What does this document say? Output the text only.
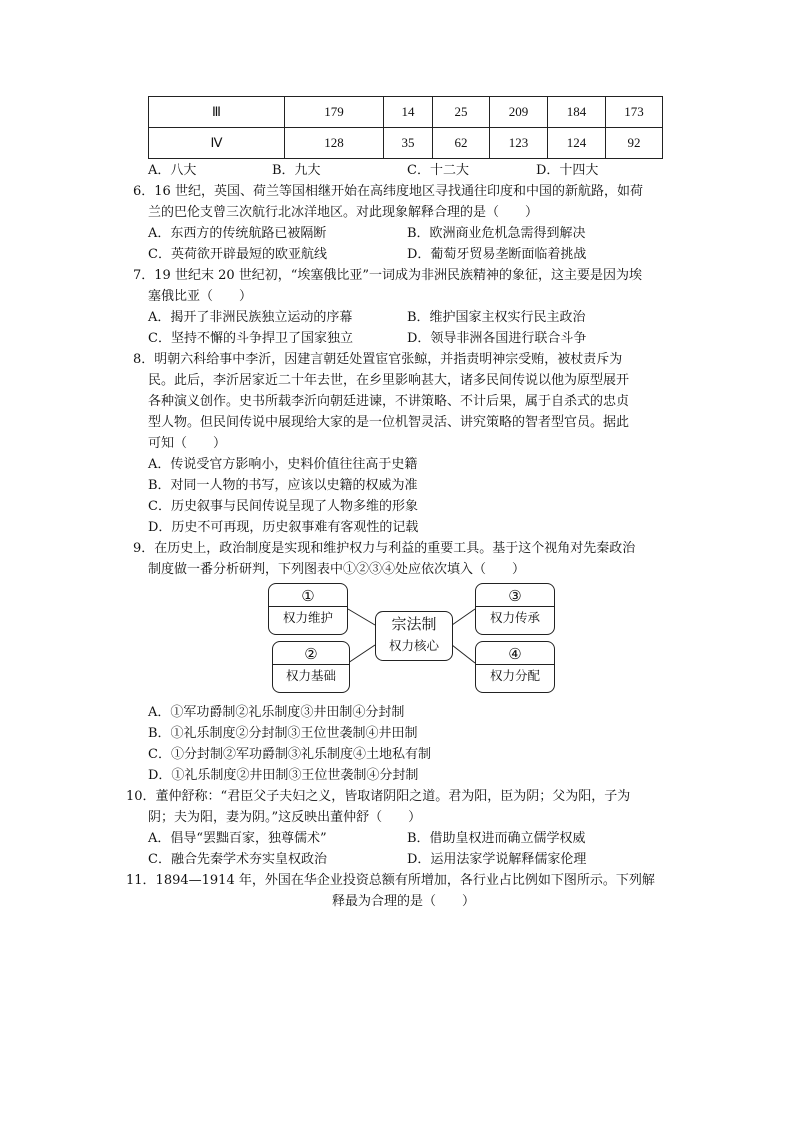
Ⅲ	179	14	25	209	184	173
Ⅳ	128	35	62	123	124	92
A．八大	B．九大	C．十二大	D．十四大
6．16 世纪，英国、荷兰等国相继开始在高纬度地区寻找通往印度和中国的新航路，如荷
兰的巴伦支曾三次航行北冰洋地区。对此现象解释合理的是（　　）
A．东西方的传统航路已被隔断	B．欧洲商业危机急需得到解决
C．英荷欲开辟最短的欧亚航线	D．葡萄牙贸易垄断面临着挑战
7．19 世纪末 20 世纪初，“埃塞俄比亚”一词成为非洲民族精神的象征，这主要是因为埃
塞俄比亚（　　）
A．揭开了非洲民族独立运动的序幕	B．维护国家主权实行民主政治
C．坚持不懈的斗争捍卫了国家独立	D．领导非洲各国进行联合斗争
8．明朝六科给事中李沂，因建言朝廷处置宦官张鲸，并指责明神宗受贿，被杖责斥为
民。此后，李沂居家近二十年去世，在乡里影响甚大，诸多民间传说以他为原型展开
各种演义创作。史书所载李沂向朝廷进谏，不讲策略、不计后果，属于自杀式的忠贞
型人物。但民间传说中展现给大家的是一位机智灵活、讲究策略的智者型官员。据此
可知（　　）
A．传说受官方影响小，史料价值往往高于史籍
B．对同一人物的书写，应该以史籍的权威为准
C．历史叙事与民间传说呈现了人物多维的形象
D．历史不可再现，历史叙事难有客观性的记载
9．在历史上，政治制度是实现和维护权力与利益的重要工具。基于这个视角对先秦政治
制度做一番分析研判，下列图表中①②③④处应依次填入（　　）
①
权力维护
②
权力基础
宗法制
权力核心
③
权力传承
④
权力分配
A．①军功爵制②礼乐制度③井田制④分封制
B．①礼乐制度②分封制③王位世袭制④井田制
C．①分封制②军功爵制③礼乐制度④土地私有制
D．①礼乐制度②井田制③王位世袭制④分封制
10．董仲舒称：“君臣父子夫妇之义，皆取诸阴阳之道。君为阳，臣为阴；父为阳，子为
阴；夫为阳，妻为阴。”这反映出董仲舒（　　）
A．倡导“罢黜百家，独尊儒术”	B．借助皇权进而确立儒学权威
C．融合先秦学术夯实皇权政治	D．运用法家学说解释儒家伦理
11．1894—1914 年，外国在华企业投资总额有所增加，各行业占比例如下图所示。下列解
释最为合理的是（　　）
